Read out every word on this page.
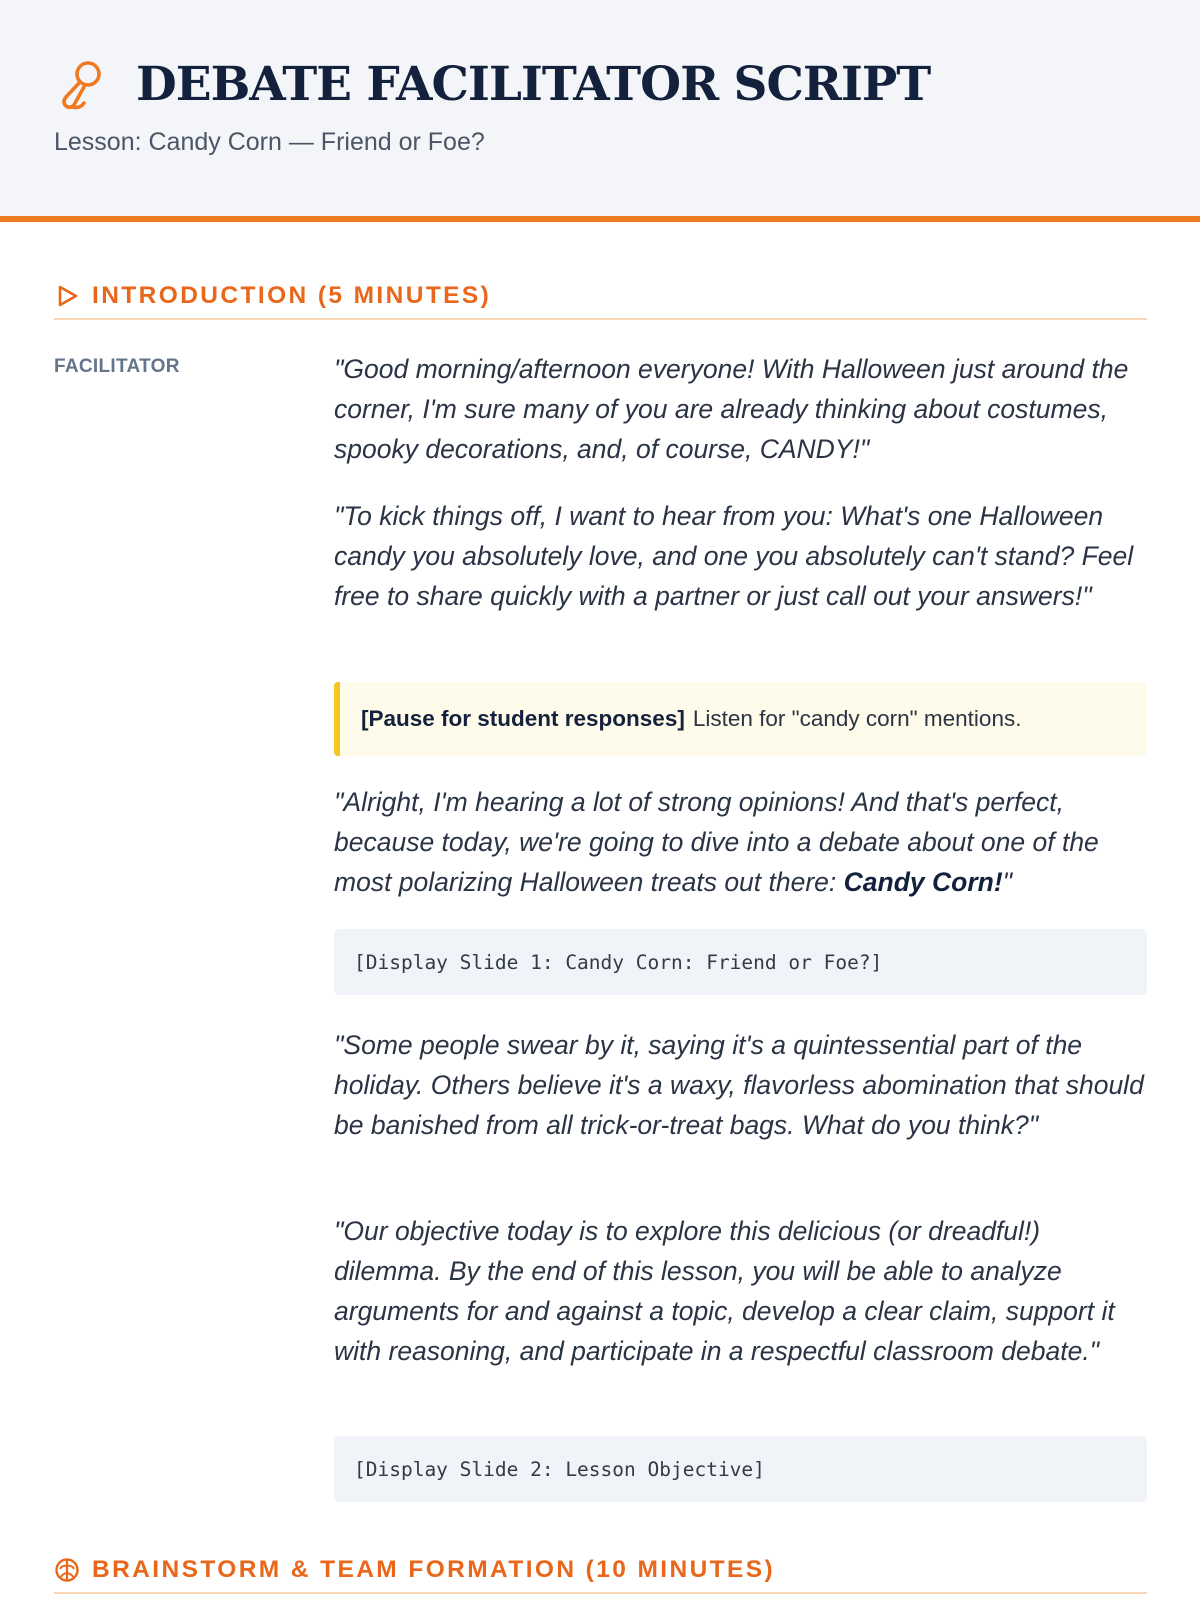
DEBATE FACILITATOR SCRIPT
Lesson: Candy Corn — Friend or Foe?
INTRODUCTION (5 MINUTES)
FACILITATOR	"Good morning/afternoon everyone! With Halloween just around the corner, I'm sure many of you are already thinking about costumes, spooky decorations, and, of course, CANDY!"

"To kick things off, I want to hear from you: What's one Halloween candy you absolutely love, and one you absolutely can't stand? Feel free to share quickly with a partner or just call out your answers!"

[Pause for student responses] Listen for "candy corn" mentions.

"Alright, I'm hearing a lot of strong opinions! And that's perfect, because today, we're going to dive into a debate about one of the most polarizing Halloween treats out there: Candy Corn!"

[Display Slide 1: Candy Corn: Friend or Foe?]

"Some people swear by it, saying it's a quintessential part of the holiday. Others believe it's a waxy, flavorless abomination that should be banished from all trick-or-treat bags. What do you think?"

"Our objective today is to explore this delicious (or dreadful!) dilemma. By the end of this lesson, you will be able to analyze arguments for and against a topic, develop a clear claim, support it with reasoning, and participate in a respectful classroom debate."

[Display Slide 2: Lesson Objective]
BRAINSTORM & TEAM FORMATION (10 MINUTES)
